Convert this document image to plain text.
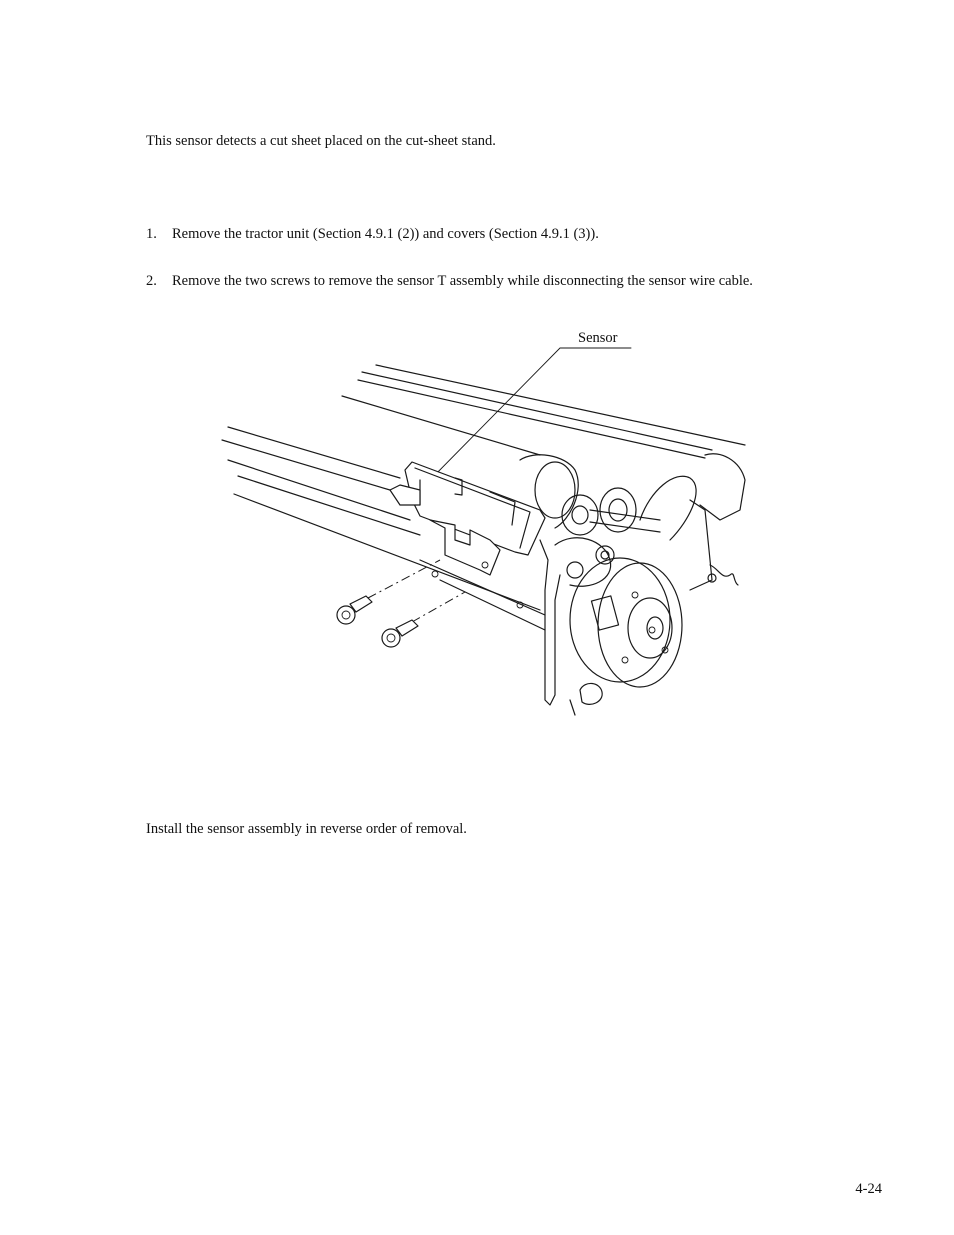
This sensor detects a cut sheet placed on the cut-sheet stand.
1. Remove the tractor unit (Section 4.9.1 (2)) and covers (Section 4.9.1 (3)).
2. Remove the two screws to remove the sensor T assembly while disconnecting the sensor wire cable.
Sensor
Install the sensor assembly in reverse order of removal.
4-24
